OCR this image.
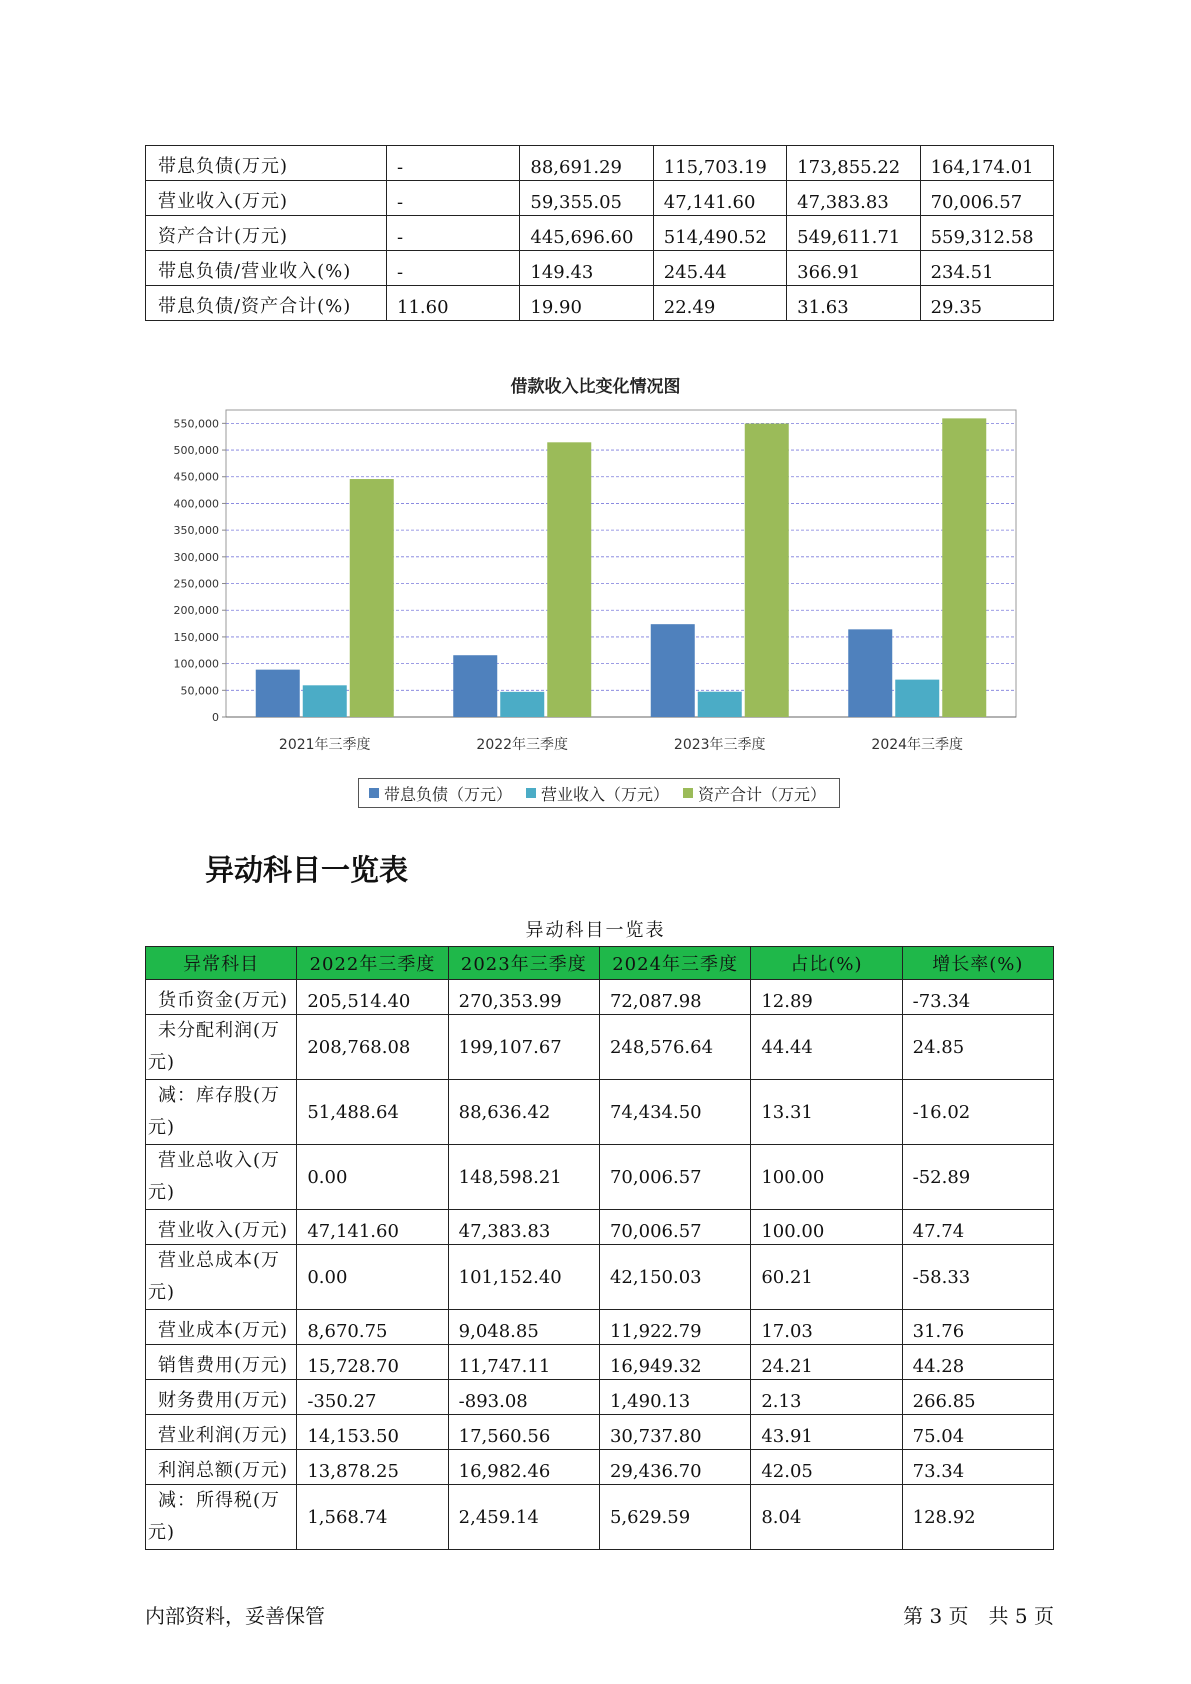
带息负债(万元)	-	88,691.29	115,703.19	173,855.22	164,174.01
营业收入(万元)	-	59,355.05	47,141.60	47,383.83	70,006.57
资产合计(万元)	-	445,696.60	514,490.52	549,611.71	559,312.58
带息负债/营业收入(%)	-	149.43	245.44	366.91	234.51
带息负债/资产合计(%)	11.60	19.90	22.49	31.63	29.35
借款收入比变化情况图
0
50,000
100,000
150,000
200,000
250,000
300,000
350,000
400,000
450,000
500,000
550,000
2021年三季度	2022年三季度	2023年三季度	2024年三季度
带息负债（万元） 营业收入（万元） 资产合计（万元）
异动科目一览表
异动科目一览表
异常科目	2022年三季度	2023年三季度	2024年三季度	占比(%)	增长率(%)
货币资金(万元)	205,514.40	270,353.99	72,087.98	12.89	-73.34
未分配利润(万元)	208,768.08	199,107.67	248,576.64	44.44	24.85
减：库存股(万元)	51,488.64	88,636.42	74,434.50	13.31	-16.02
营业总收入(万元)	0.00	148,598.21	70,006.57	100.00	-52.89
营业收入(万元)	47,141.60	47,383.83	70,006.57	100.00	47.74
营业总成本(万元)	0.00	101,152.40	42,150.03	60.21	-58.33
营业成本(万元)	8,670.75	9,048.85	11,922.79	17.03	31.76
销售费用(万元)	15,728.70	11,747.11	16,949.32	24.21	44.28
财务费用(万元)	-350.27	-893.08	1,490.13	2.13	266.85
营业利润(万元)	14,153.50	17,560.56	30,737.80	43.91	75.04
利润总额(万元)	13,878.25	16,982.46	29,436.70	42.05	73.34
减：所得税(万元)	1,568.74	2,459.14	5,629.59	8.04	128.92
内部资料，妥善保管	第 3 页　共 5 页
